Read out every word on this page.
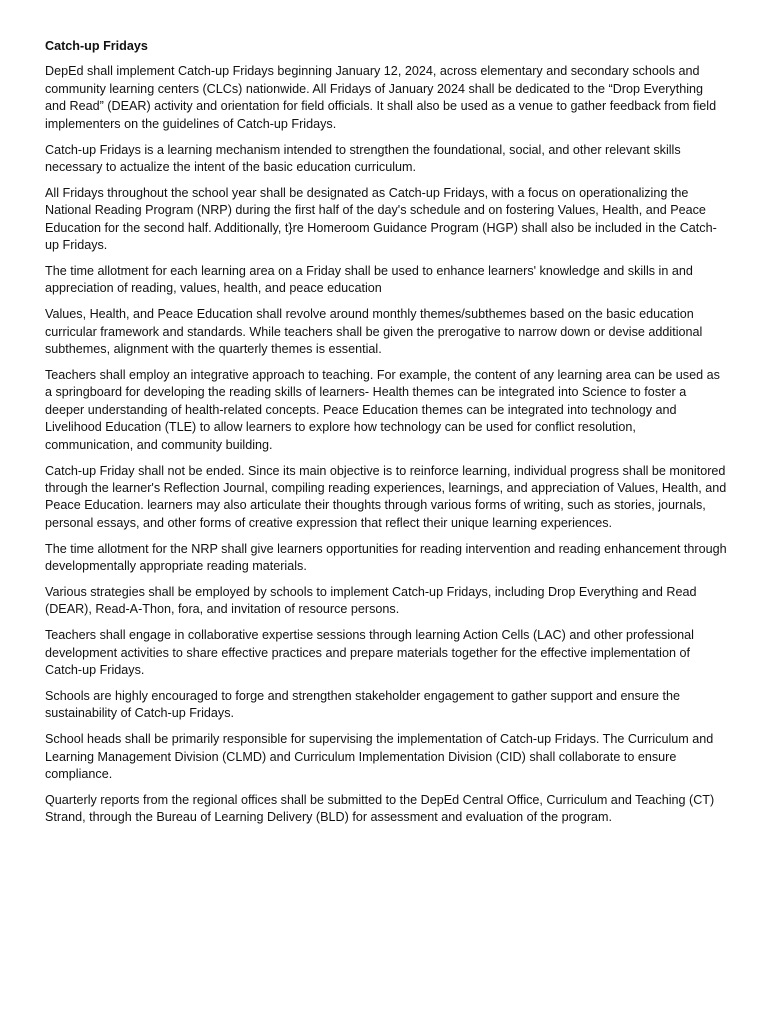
Catch-up Fridays

DepEd shall implement Catch-up Fridays beginning January 12, 2024, across elementary and secondary schools and community learning centers (CLCs) nationwide. All Fridays of January 2024 shall be dedicated to the “Drop Everything and Read” (DEAR) activity and orientation for field officials. It shall also be used as a venue to gather feedback from field implementers on the guidelines of Catch-up Fridays.

Catch-up Fridays is a learning mechanism intended to strengthen the foundational, social, and other relevant skills necessary to actualize the intent of the basic education curriculum.

All Fridays throughout the school year shall be designated as Catch-up Fridays, with a focus on operationalizing the National Reading Program (NRP) during the first half of the day's schedule and on fostering Values, Health, and Peace Education for the second half. Additionally, t}re Homeroom Guidance Program (HGP) shall also be included in the Catch-up Fridays.

The time allotment for each learning area on a Friday shall be used to enhance learners' knowledge and skills in and appreciation of reading, values, health, and peace education

Values, Health, and Peace Education shall revolve around monthly themes/subthemes based on the basic education curricular framework and standards. While teachers shall be given the prerogative to narrow down or devise additional subthemes, alignment with the quarterly themes is essential.

Teachers shall employ an integrative approach to teaching. For example, the content of any learning area can be used as a springboard for developing the reading skills of learners- Health themes can be integrated into Science to foster a deeper understanding of health-related concepts. Peace Education themes can be integrated into technology and Livelihood Education (TLE) to allow learners to explore how technology can be used for conflict resolution, communication, and community building.

Catch-up Friday shall not be ended. Since its main objective is to reinforce learning, individual progress shall be monitored through the learner's Reflection Journal, compiling reading experiences, learnings, and appreciation of Values, Health, and Peace Education. learners may also articulate their thoughts through various forms of writing, such as stories, journals, personal essays, and other forms of creative expression that reflect their unique learning experiences.

The time allotment for the NRP shall give learners opportunities for reading intervention and reading enhancement through developmentally appropriate reading materials.

Various strategies shall be employed by schools to implement Catch-up Fridays, including Drop Everything and Read (DEAR), Read-A-Thon, fora, and invitation of resource persons.

Teachers shall engage in collaborative expertise sessions through learning Action Cells (LAC) and other professional development activities to share effective practices and prepare materials together for the effective implementation of Catch-up Fridays.

Schools are highly encouraged to forge and strengthen stakeholder engagement to gather support and ensure the sustainability of Catch-up Fridays.

School heads shall be primarily responsible for supervising the implementation of Catch-up Fridays. The Curriculum and Learning Management Division (CLMD) and Curriculum Implementation Division (CID) shall collaborate to ensure compliance.

Quarterly reports from the regional offices shall be submitted to the DepEd Central Office, Curriculum and Teaching (CT) Strand, through the Bureau of Learning Delivery (BLD) for assessment and evaluation of the program.
